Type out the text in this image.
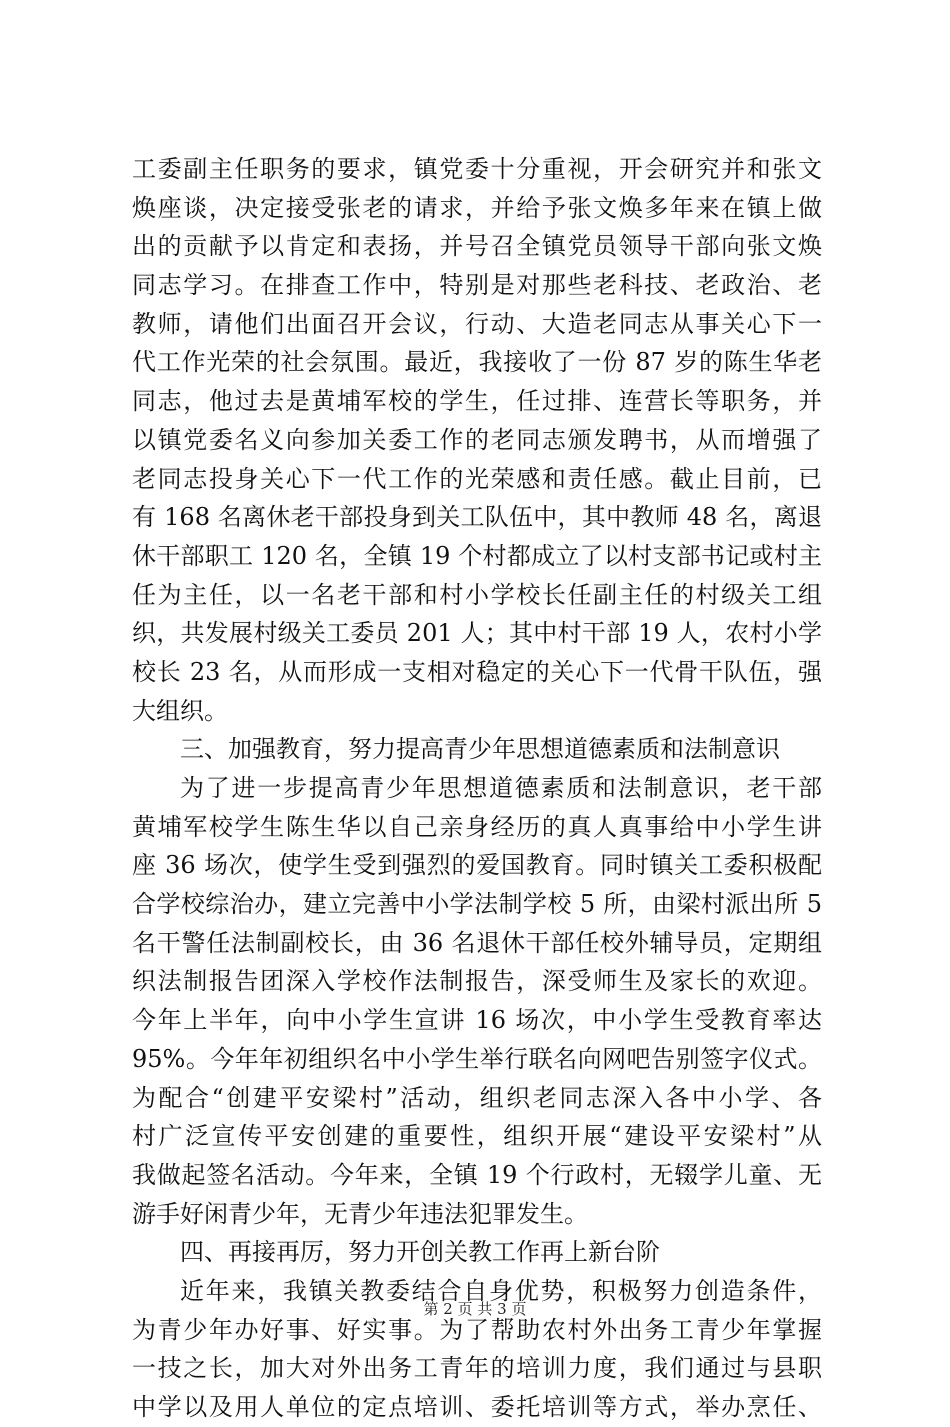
工委副主任职务的要求，镇党委十分重视，开会研究并和张文
焕座谈，决定接受张老的请求，并给予张文焕多年来在镇上做
出的贡献予以肯定和表扬，并号召全镇党员领导干部向张文焕
同志学习。在排查工作中，特别是对那些老科技、老政治、老
教师，请他们出面召开会议，行动、大造老同志从事关心下一
代工作光荣的社会氛围。最近，我接收了一份 87 岁的陈生华老
同志，他过去是黄埔军校的学生，任过排、连营长等职务，并
以镇党委名义向参加关委工作的老同志颁发聘书，从而增强了
老同志投身关心下一代工作的光荣感和责任感。截止目前，已
有 168 名离休老干部投身到关工队伍中，其中教师 48 名，离退
休干部职工 120 名，全镇 19 个村都成立了以村支部书记或村主
任为主任，以一名老干部和村小学校长任副主任的村级关工组
织，共发展村级关工委员 201 人；其中村干部 19 人，农村小学
校长 23 名，从而形成一支相对稳定的关心下一代骨干队伍，强
大组织。
三、加强教育，努力提高青少年思想道德素质和法制意识
为了进一步提高青少年思想道德素质和法制意识，老干部
黄埔军校学生陈生华以自己亲身经历的真人真事给中小学生讲
座 36 场次，使学生受到强烈的爱国教育。同时镇关工委积极配
合学校综治办，建立完善中小学法制学校 5 所，由梁村派出所 5
名干警任法制副校长，由 36 名退休干部任校外辅导员，定期组
织法制报告团深入学校作法制报告，深受师生及家长的欢迎。
今年上半年，向中小学生宣讲 16 场次，中小学生受教育率达
95%。今年年初组织名中小学生举行联名向网吧告别签字仪式。
为配合“创建平安梁村”活动，组织老同志深入各中小学、各
村广泛宣传平安创建的重要性，组织开展“建设平安梁村”从
我做起签名活动。今年来，全镇 19 个行政村，无辍学儿童、无
游手好闲青少年，无青少年违法犯罪发生。
四、再接再厉，努力开创关教工作再上新台阶
近年来，我镇关教委结合自身优势，积极努力创造条件，
为青少年办好事、好实事。为了帮助农村外出务工青少年掌握
一技之长，加大对外出务工青年的培训力度，我们通过与县职
中学以及用人单位的定点培训、委托培训等方式，举办烹任、
第 2 页 共 3 页
